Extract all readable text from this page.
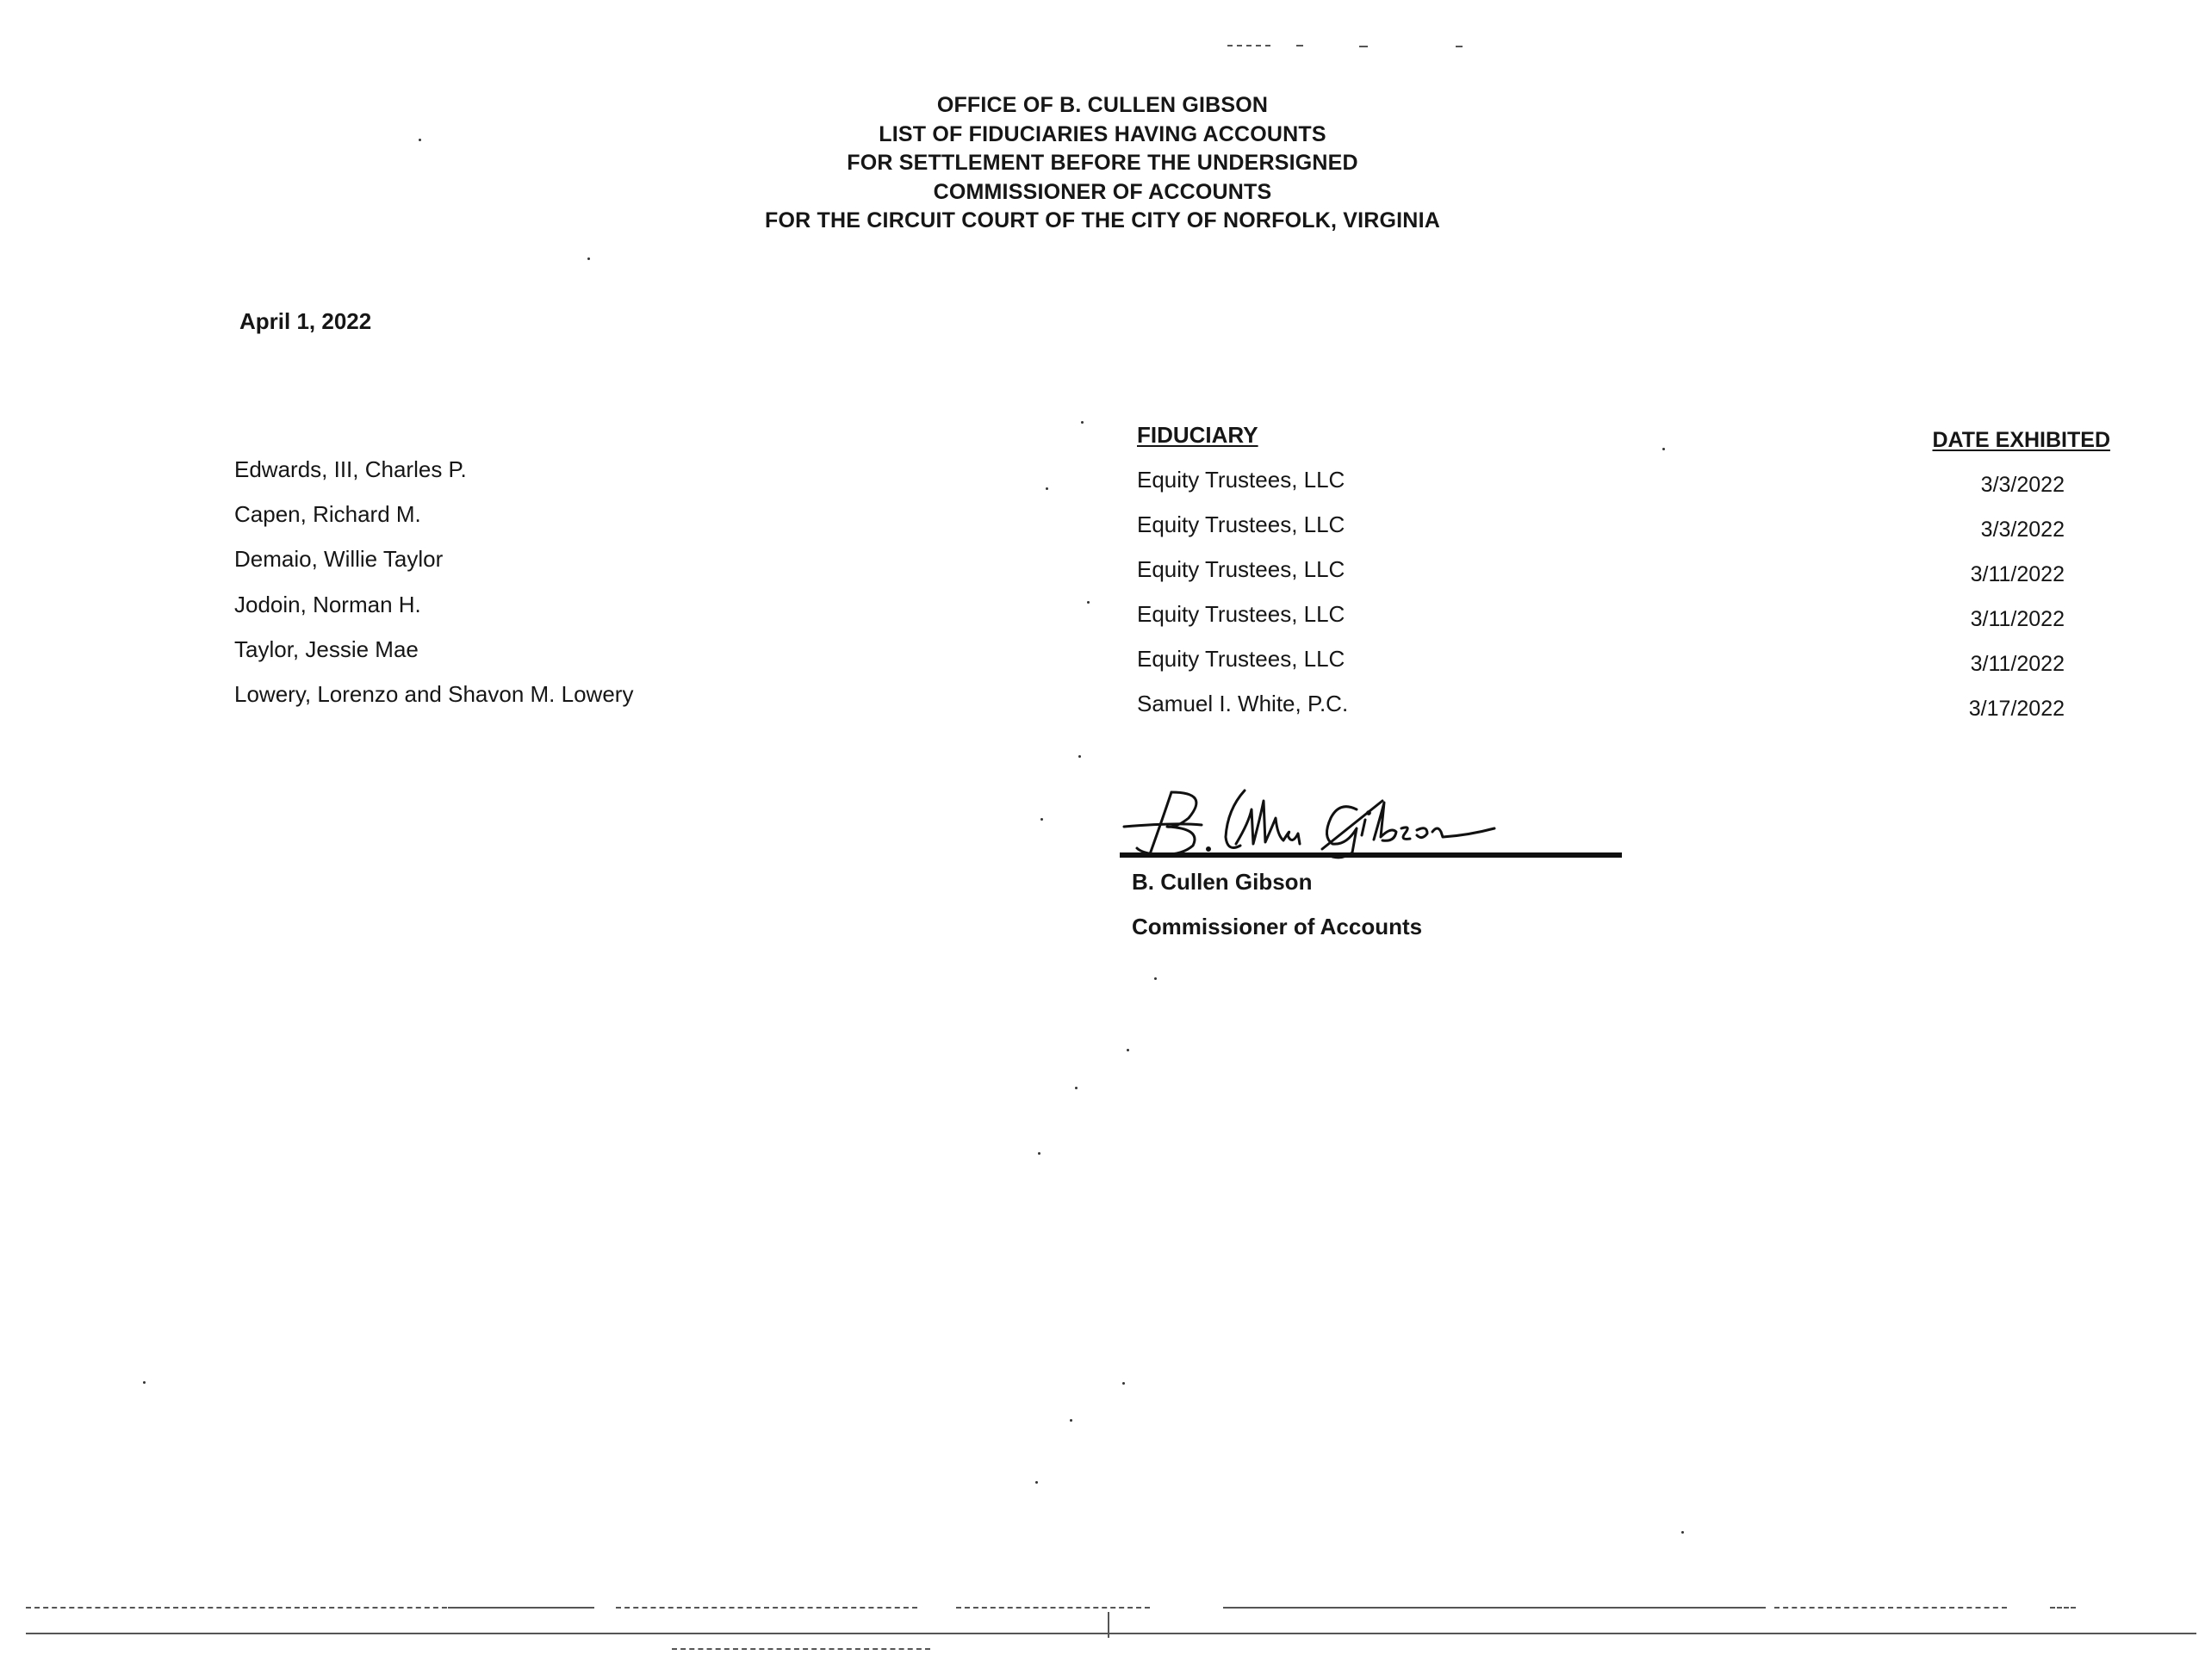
OFFICE OF B. CULLEN GIBSON
LIST OF FIDUCIARIES HAVING ACCOUNTS
FOR SETTLEMENT BEFORE THE UNDERSIGNED
COMMISSIONER OF ACCOUNTS
FOR THE CIRCUIT COURT OF THE CITY OF NORFOLK, VIRGINIA
April 1, 2022
Edwards, III, Charles P.
Capen, Richard M.
Demaio, Willie Taylor
Jodoin, Norman H.
Taylor, Jessie Mae
Lowery, Lorenzo and Shavon M. Lowery
FIDUCIARY
Equity Trustees, LLC
Equity Trustees, LLC
Equity Trustees, LLC
Equity Trustees, LLC
Equity Trustees, LLC
Samuel I. White, P.C.
DATE EXHIBITED
3/3/2022
3/3/2022
3/11/2022
3/11/2022
3/11/2022
3/17/2022
B. Cullen Gibson
Commissioner of Accounts
